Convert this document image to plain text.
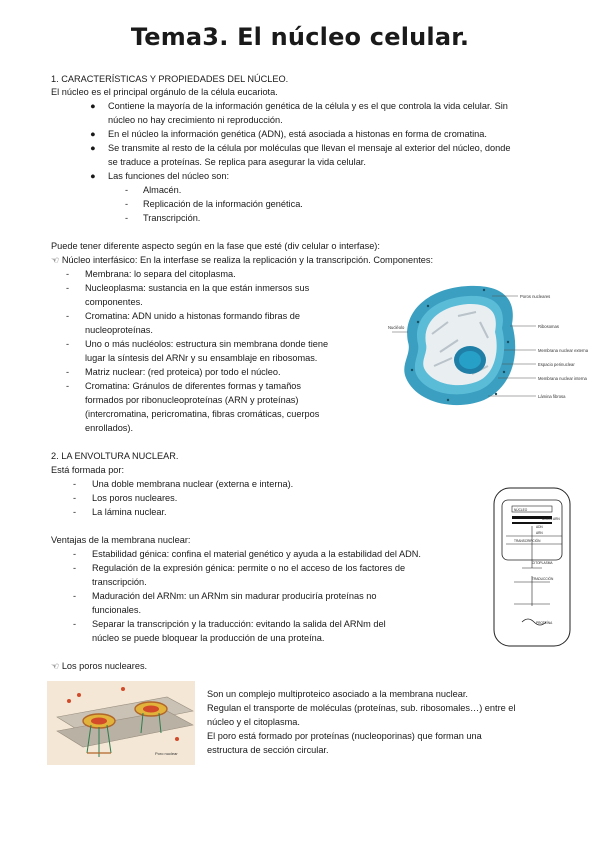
Tema3. El núcleo celular.
1. CARACTERÍSTICAS Y PROPIEDADES DEL NÚCLEO.
El núcleo es el principal orgánulo de la célula eucariota.
● Contiene la mayoría de la información genética de la célula y es el que controla la vida celular. Sin
núcleo no hay crecimiento ni reproducción.
● En el núcleo la información genética (ADN), está asociada a histonas en forma de cromatina.
● Se transmite al resto de la célula por moléculas que llevan el mensaje al exterior del núcleo, donde
se traduce a proteínas. Se replica para asegurar la vida celular.
● Las funciones del núcleo son:
- Almacén.
- Replicación de la información genética.
- Transcripción.
Puede tener diferente aspecto según en la fase que esté (div celular o interfase):
☜ Núcleo interfásico: En la interfase se realiza la replicación y la transcripción. Componentes:
- Membrana: lo separa del citoplasma.
- Nucleoplasma: sustancia en la que están inmersos sus
componentes.
- Cromatina: ADN unido a histonas formando fibras de
nucleoproteínas.
- Uno o más nucléolos: estructura sin membrana donde tiene
lugar la síntesis del ARNr y su ensamblaje en ribosomas.
- Matriz nuclear: (red proteica) por todo el núcleo.
- Cromatina: Gránulos de diferentes formas y tamaños
formados por ribonucleoproteínas (ARN y proteínas)
(intercromatina, pericromatina, fibras cromáticas, cuerpos
enrollados).
Poros nucleares
Nucléolo	Ribosomas
Membrana nuclear externa
Espacio perinuclear
Membrana nuclear interna
Lámina fibrosa
2. LA ENVOLTURA NUCLEAR.
Está formada por:
- Una doble membrana nuclear (externa e interna).
- Los poros nucleares.
- La lámina nuclear.
Ventajas de la membrana nuclear:
- Estabilidad génica: confina el material genético y ayuda a la estabilidad del ADN.
- Regulación de la expresión génica: permite o no el acceso de los factores de
transcripción.
- Maduración del ARNm: un ARNm sin madurar produciría proteínas no
funcionales.
- Separar la transcripción y la traducción: evitando la salida del ARNm del
núcleo se puede bloquear la producción de una proteína.
NÚCLEO
ADN
ARN
TRANSCRIPCIÓN
UNIÓN ARN
CITOPLASMA
TRADUCCIÓN
PROTEÍNA
☜ Los poros nucleares.
Poro nuclear
Son un complejo multiproteico asociado a la membrana nuclear.
Regulan el transporte de moléculas (proteínas, sub. ribosomales…) entre el
núcleo y el citoplasma.
El poro está formado por proteínas (nucleoporinas) que forman una
estructura de sección circular.
